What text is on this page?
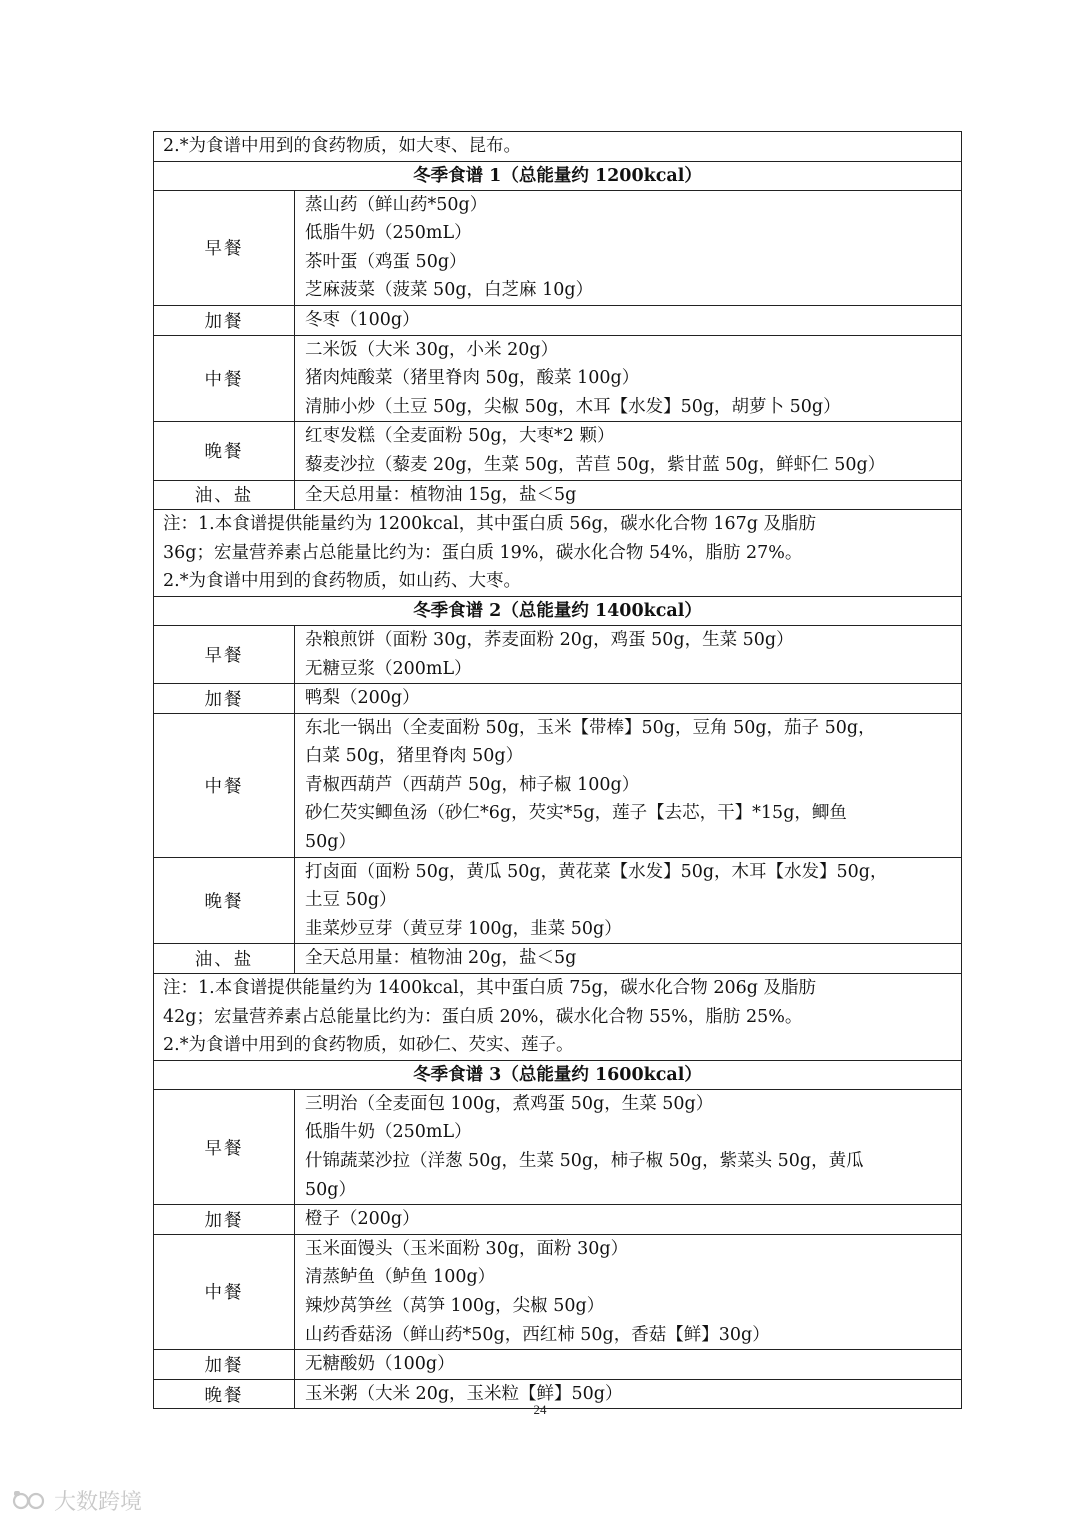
2.*为食谱中用到的食药物质，如大枣、昆布。	
冬季食谱 1（总能量约 1200kcal）	
早餐	蒸山药（鲜山药*50g）
低脂牛奶（250mL）
茶叶蛋（鸡蛋 50g）
芝麻菠菜（菠菜 50g，白芝麻 10g）

加餐	冬枣（100g）

中餐	二米饭（大米 30g，小米 20g）
猪肉炖酸菜（猪里脊肉 50g，酸菜 100g）
清肺小炒（土豆 50g，尖椒 50g，木耳【水发】50g，胡萝卜 50g）

晚餐	红枣发糕（全麦面粉 50g，大枣*2 颗）
藜麦沙拉（藜麦 20g，生菜 50g，苦苣 50g，紫甘蓝 50g，鲜虾仁 50g）

油、盐	全天总用量：植物油 15g，盐＜5g

注：1.本食谱提供能量约为 1200kcal，其中蛋白质 56g，碳水化合物 167g 及脂肪
36g；宏量营养素占总能量比约为：蛋白质 19%，碳水化合物 54%，脂肪 27%。
2.*为食谱中用到的食药物质，如山药、大枣。	

冬季食谱 2（总能量约 1400kcal）	
早餐	杂粮煎饼（面粉 30g，荞麦面粉 20g，鸡蛋 50g，生菜 50g）
无糖豆浆（200mL）

加餐	鸭梨（200g）

中餐	东北一锅出（全麦面粉 50g，玉米【带棒】50g，豆角 50g，茄子 50g，
白菜 50g，猪里脊肉 50g）
青椒西葫芦（西葫芦 50g，柿子椒 100g）
砂仁芡实鲫鱼汤（砂仁*6g，芡实*5g，莲子【去芯，干】*15g，鲫鱼
50g）

晚餐	打卤面（面粉 50g，黄瓜 50g，黄花菜【水发】50g，木耳【水发】50g，
土豆 50g）
韭菜炒豆芽（黄豆芽 100g，韭菜 50g）

油、盐	全天总用量：植物油 20g，盐＜5g

注：1.本食谱提供能量约为 1400kcal，其中蛋白质 75g，碳水化合物 206g 及脂肪
42g；宏量营养素占总能量比约为：蛋白质 20%，碳水化合物 55%，脂肪 25%。
2.*为食谱中用到的食药物质，如砂仁、芡实、莲子。	

冬季食谱 3（总能量约 1600kcal）	
早餐	三明治（全麦面包 100g，煮鸡蛋 50g，生菜 50g）
低脂牛奶（250mL）
什锦蔬菜沙拉（洋葱 50g，生菜 50g，柿子椒 50g，紫菜头 50g，黄瓜
50g）

加餐	橙子（200g）

中餐	玉米面馒头（玉米面粉 30g，面粉 30g）
清蒸鲈鱼（鲈鱼 100g）
辣炒莴笋丝（莴笋 100g，尖椒 50g）
山药香菇汤（鲜山药*50g，西红柿 50g，香菇【鲜】30g）

加餐	无糖酸奶（100g）

晚餐	玉米粥（大米 20g，玉米粒【鲜】50g）
24
大数跨境
